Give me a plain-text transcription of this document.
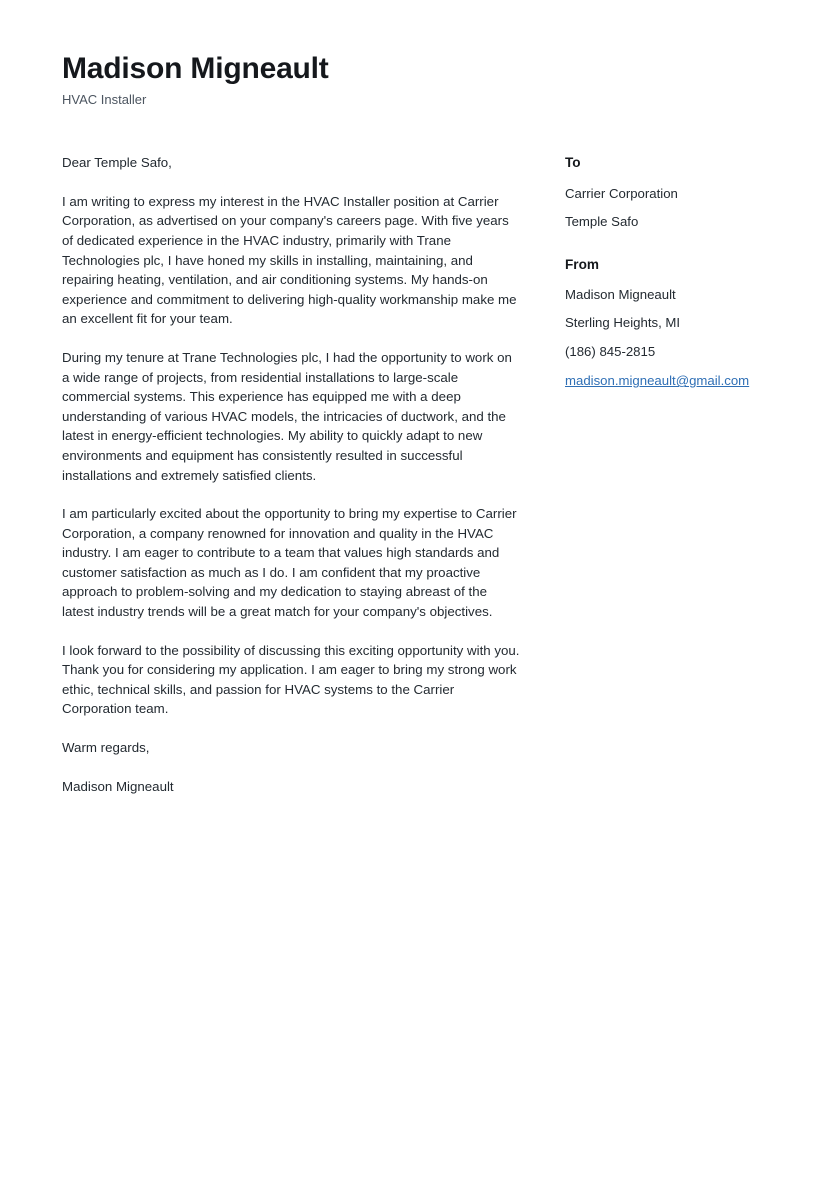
Madison Migneault

HVAC Installer

Dear Temple Safo,

I am writing to express my interest in the HVAC Installer position at Carrier Corporation, as advertised on your company's careers page. With five years of dedicated experience in the HVAC industry, primarily with Trane Technologies plc, I have honed my skills in installing, maintaining, and repairing heating, ventilation, and air conditioning systems. My hands-on experience and commitment to delivering high-quality workmanship make me an excellent fit for your team.

During my tenure at Trane Technologies plc, I had the opportunity to work on a wide range of projects, from residential installations to large-scale commercial systems. This experience has equipped me with a deep understanding of various HVAC models, the intricacies of ductwork, and the latest in energy-efficient technologies. My ability to quickly adapt to new environments and equipment has consistently resulted in successful installations and extremely satisfied clients.

I am particularly excited about the opportunity to bring my expertise to Carrier Corporation, a company renowned for innovation and quality in the HVAC industry. I am eager to contribute to a team that values high standards and customer satisfaction as much as I do. I am confident that my proactive approach to problem-solving and my dedication to staying abreast of the latest industry trends will be a great match for your company's objectives.

I look forward to the possibility of discussing this exciting opportunity with you. Thank you for considering my application. I am eager to bring my strong work ethic, technical skills, and passion for HVAC systems to the Carrier Corporation team.

Warm regards,

Madison Migneault

To

Carrier Corporation

Temple Safo

From

Madison Migneault

Sterling Heights, MI

(186) 845-2815

madison.migneault@gmail.com
